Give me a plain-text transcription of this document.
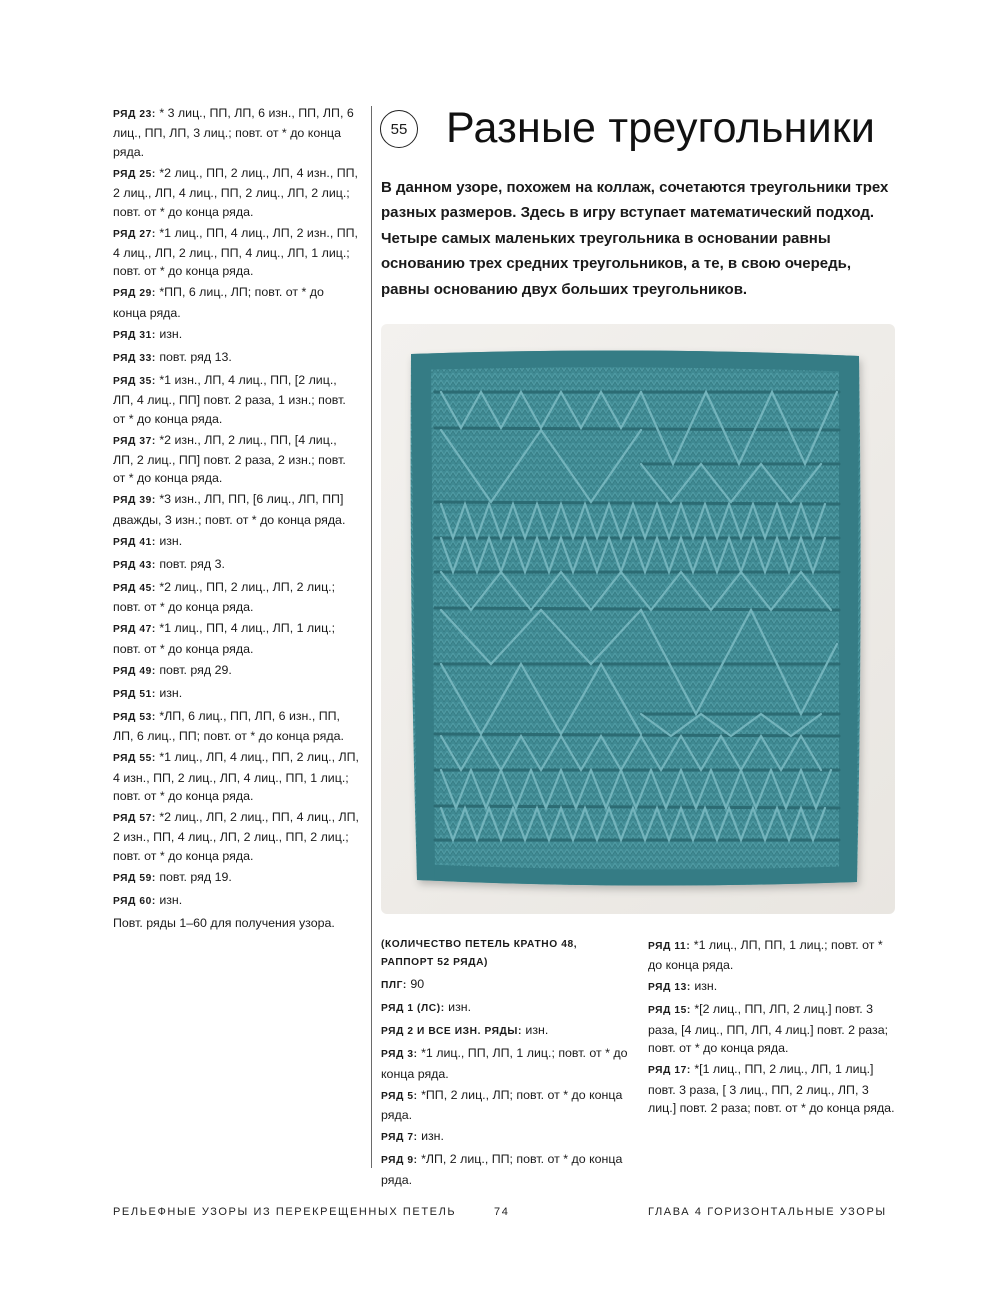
РЯД 23: * 3 лиц., ПП, ЛП, 6 изн., ПП, ЛП, 6 лиц., ПП, ЛП, 3 лиц.; повт. от * до конца ряда.

РЯД 25: *2 лиц., ПП, 2 лиц., ЛП, 4 изн., ПП, 2 лиц., ЛП, 4 лиц., ПП, 2 лиц., ЛП, 2 лиц.; повт. от * до конца ряда.

РЯД 27: *1 лиц., ПП, 4 лиц., ЛП, 2 изн., ПП, 4 лиц., ЛП, 2 лиц., ПП, 4 лиц., ЛП, 1 лиц.; повт. от * до конца ряда.

РЯД 29: *ПП, 6 лиц., ЛП; повт. от * до конца ряда.

РЯД 31: изн.

РЯД 33: повт. ряд 13.

РЯД 35: *1 изн., ЛП, 4 лиц., ПП, [2 лиц., ЛП, 4 лиц., ПП] повт. 2 раза, 1 изн.; повт. от * до конца ряда.

РЯД 37: *2 изн., ЛП, 2 лиц., ПП, [4 лиц., ЛП, 2 лиц., ПП] повт. 2 раза, 2 изн.; повт. от * до конца ряда.

РЯД 39: *3 изн., ЛП, ПП, [6 лиц., ЛП, ПП] дважды, 3 изн.; повт. от * до конца ряда.

РЯД 41: изн.

РЯД 43: повт. ряд 3.

РЯД 45: *2 лиц., ПП, 2 лиц., ЛП, 2 лиц.; повт. от * до конца ряда.

РЯД 47: *1 лиц., ПП, 4 лиц., ЛП, 1 лиц.; повт. от * до конца ряда.

РЯД 49: повт. ряд 29.

РЯД 51: изн.

РЯД 53: *ЛП, 6 лиц., ПП, ЛП, 6 изн., ПП, ЛП, 6 лиц., ПП; повт. от * до конца ряда.

РЯД 55: *1 лиц., ЛП, 4 лиц., ПП, 2 лиц., ЛП, 4 изн., ПП, 2 лиц., ЛП, 4 лиц., ПП, 1 лиц.; повт. от * до конца ряда.

РЯД 57: *2 лиц., ЛП, 2 лиц., ПП, 4 лиц., ЛП, 2 изн., ПП, 4 лиц., ЛП, 2 лиц., ПП, 2 лиц.; повт. от * до конца ряда.

РЯД 59: повт. ряд 19.

РЯД 60: изн.

Повт. ряды 1–60 для получения узора.

55 Разные треугольники

В данном узоре, похожем на коллаж, сочетаются треугольники трех разных размеров. Здесь в игру вступает математический подход. Четыре самых маленьких треугольника в основании равны основанию трех средних треугольников, а те, в свою очередь, равны основанию двух больших треугольников.

(КОЛИЧЕСТВО ПЕТЕЛЬ КРАТНО 48, РАППОРТ 52 РЯДА)

ПЛГ: 90

РЯД 1 (ЛС): изн.

РЯД 2 И ВСЕ ИЗН. РЯДЫ: изн.

РЯД 3: *1 лиц., ПП, ЛП, 1 лиц.; повт. от * до конца ряда.

РЯД 5: *ПП, 2 лиц., ЛП; повт. от * до конца ряда.

РЯД 7: изн.

РЯД 9: *ЛП, 2 лиц., ПП; повт. от * до конца ряда.

РЯД 11: *1 лиц., ЛП, ПП, 1 лиц.; повт. от * до конца ряда.

РЯД 13: изн.

РЯД 15: *[2 лиц., ПП, ЛП, 2 лиц.] повт. 3 раза, [4 лиц., ПП, ЛП, 4 лиц.] повт. 2 раза; повт. от * до конца ряда.

РЯД 17: *[1 лиц., ПП, 2 лиц., ЛП, 1 лиц.] повт. 3 раза, [ 3 лиц., ПП, 2 лиц., ЛП, 3 лиц.] повт. 2 раза; повт. от * до конца ряда.

РЕЛЬЕФНЫЕ УЗОРЫ ИЗ ПЕРЕКРЕЩЕННЫХ ПЕТЕЛЬ	74	ГЛАВА 4 ГОРИЗОНТАЛЬНЫЕ УЗОРЫ
